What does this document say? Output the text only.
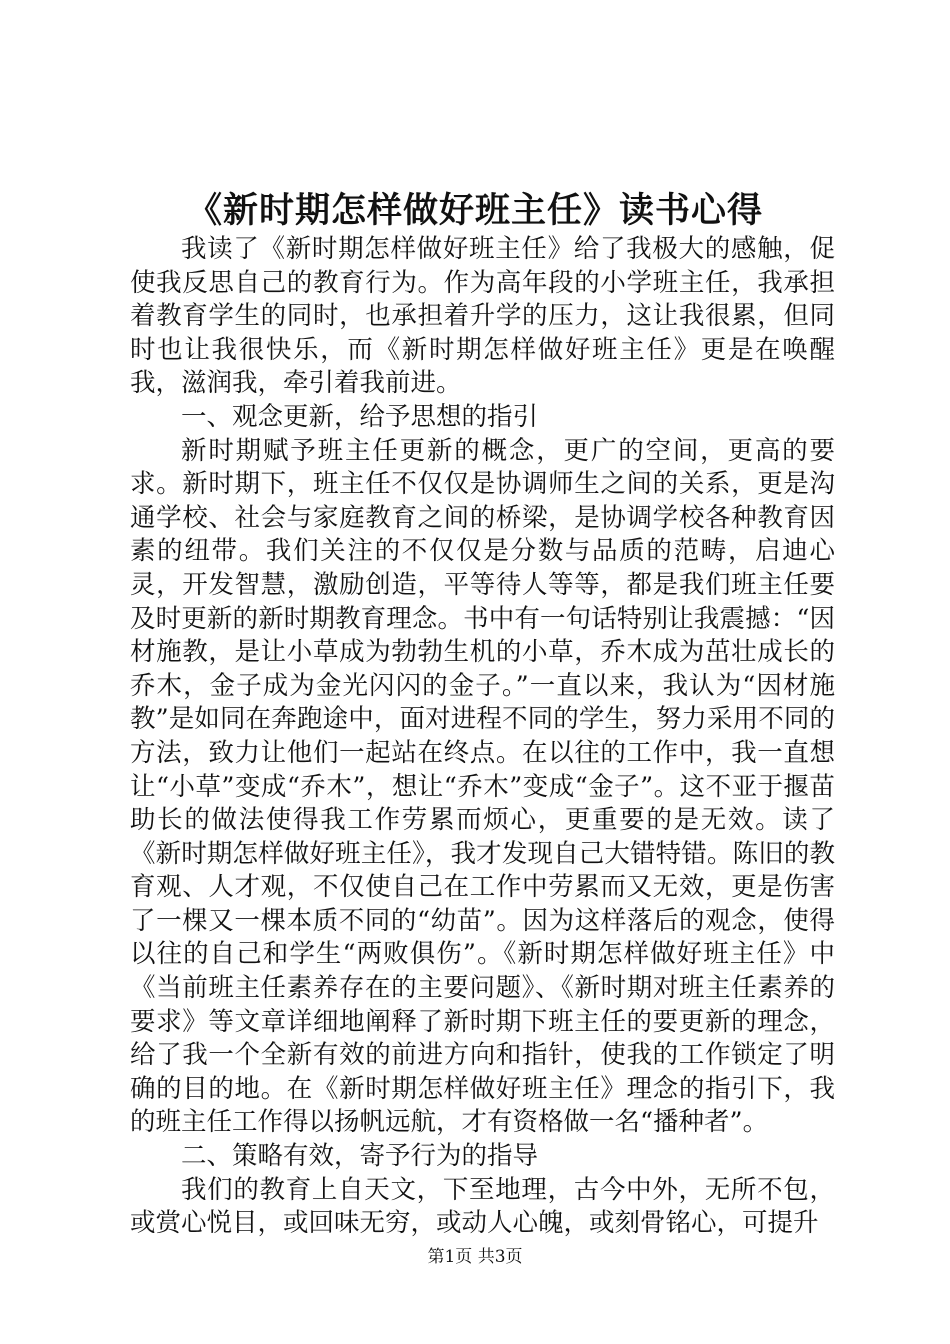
《新时期怎样做好班主任》读书心得

我读了《新时期怎样做好班主任》给了我极大的感触，促使我反思自己的教育行为。作为高年段的小学班主任，我承担着教育学生的同时，也承担着升学的压力，这让我很累，但同时也让我很快乐，而《新时期怎样做好班主任》更是在唤醒我，滋润我，牵引着我前进。

一、观念更新，给予思想的指引

新时期赋予班主任更新的概念，更广的空间，更高的要求。新时期下，班主任不仅仅是协调师生之间的关系，更是沟通学校、社会与家庭教育之间的桥梁，是协调学校各种教育因素的纽带。我们关注的不仅仅是分数与品质的范畴，启迪心灵，开发智慧，激励创造，平等待人等等，都是我们班主任要及时更新的新时期教育理念。书中有一句话特别让我震撼：“因材施教，是让小草成为勃勃生机的小草，乔木成为茁壮成长的乔木，金子成为金光闪闪的金子。”一直以来，我认为“因材施教”是如同在奔跑途中，面对进程不同的学生，努力采用不同的方法，致力让他们一起站在终点。在以往的工作中，我一直想让“小草”变成“乔木”，想让“乔木”变成“金子”。这不亚于揠苗助长的做法使得我工作劳累而烦心，更重要的是无效。读了《新时期怎样做好班主任》，我才发现自己大错特错。陈旧的教育观、人才观，不仅使自己在工作中劳累而又无效，更是伤害了一棵又一棵本质不同的“幼苗”。因为这样落后的观念，使得以往的自己和学生“两败俱伤”。《新时期怎样做好班主任》中《当前班主任素养存在的主要问题》、《新时期对班主任素养的要求》等文章详细地阐释了新时期下班主任的要更新的理念，给了我一个全新有效的前进方向和指针，使我的工作锁定了明确的目的地。在《新时期怎样做好班主任》理念的指引下，我的班主任工作得以扬帆远航，才有资格做一名“播种者”。

二、策略有效，寄予行为的指导

我们的教育上自天文，下至地理，古今中外，无所不包，或赏心悦目，或回味无穷，或动人心魄，或刻骨铭心，可提升

第1页 共3页
